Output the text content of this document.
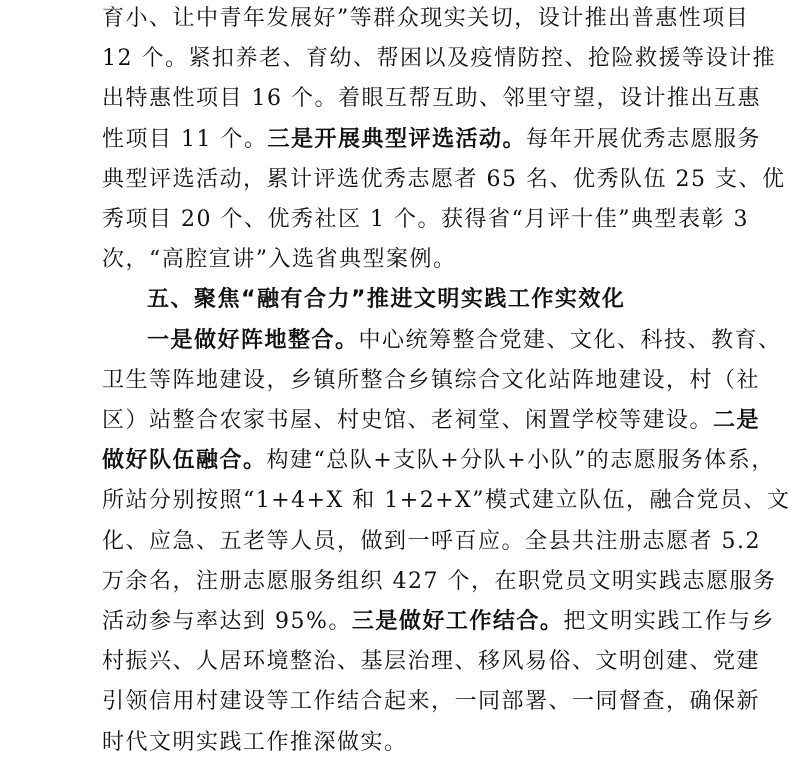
育小、让中青年发展好”等群众现实关切，设计推出普惠性项目
12 个。紧扣养老、育幼、帮困以及疫情防控、抢险救援等设计推
出特惠性项目 16 个。着眼互帮互助、邻里守望，设计推出互惠
性项目 11 个。三是开展典型评选活动。每年开展优秀志愿服务
典型评选活动，累计评选优秀志愿者 65 名、优秀队伍 25 支、优
秀项目 20 个、优秀社区 1 个。获得省“月评十佳”典型表彰 3
次，“高腔宣讲”入选省典型案例。
五、聚焦“融有合力”推进文明实践工作实效化
一是做好阵地整合。中心统筹整合党建、文化、科技、教育、
卫生等阵地建设，乡镇所整合乡镇综合文化站阵地建设，村（社
区）站整合农家书屋、村史馆、老祠堂、闲置学校等建设。二是
做好队伍融合。构建“总队+支队+分队+小队”的志愿服务体系，
所站分别按照“1+4+X 和 1+2+X”模式建立队伍，融合党员、文
化、应急、五老等人员，做到一呼百应。全县共注册志愿者 5.2
万余名，注册志愿服务组织 427 个，在职党员文明实践志愿服务
活动参与率达到 95%。三是做好工作结合。把文明实践工作与乡
村振兴、人居环境整治、基层治理、移风易俗、文明创建、党建
引领信用村建设等工作结合起来，一同部署、一同督查，确保新
时代文明实践工作推深做实。
